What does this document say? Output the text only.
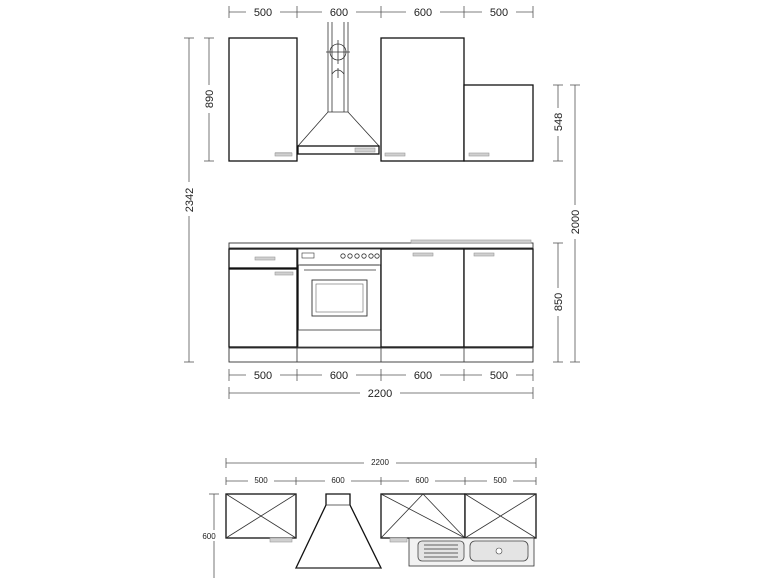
500	600	600	500
2342
890
548
2000
850
500	600	600	500
2200
2200
500	600	600	500
600
